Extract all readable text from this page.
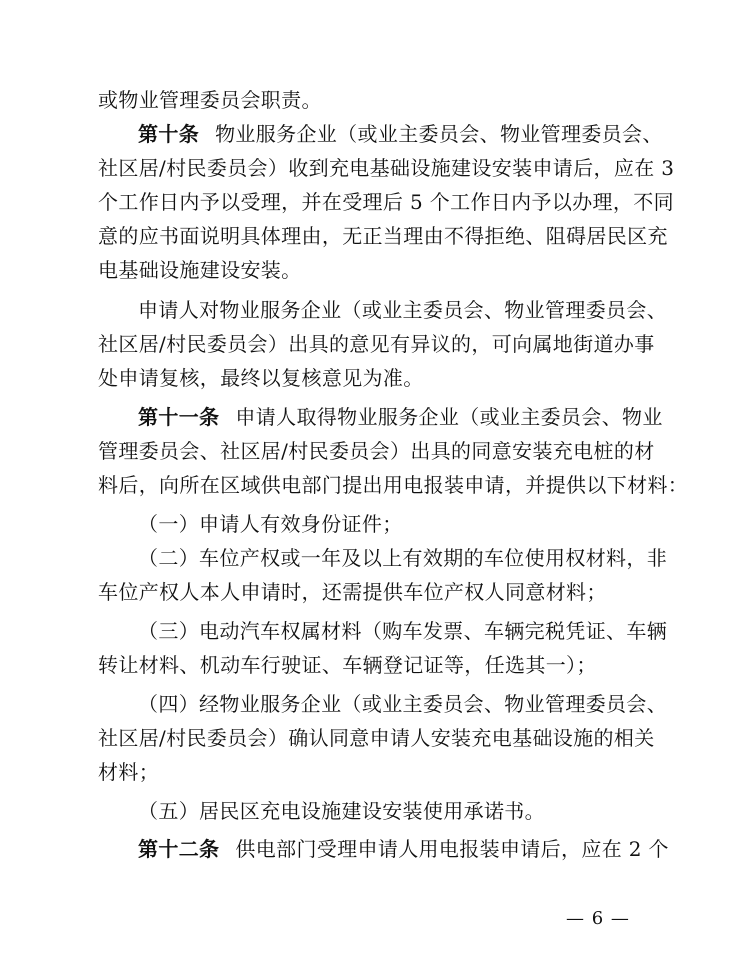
或物业管理委员会职责。
第十条 物业服务企业（或业主委员会、物业管理委员会、
社区居/村民委员会）收到充电基础设施建设安装申请后，应在 3
个工作日内予以受理，并在受理后 5 个工作日内予以办理，不同
意的应书面说明具体理由，无正当理由不得拒绝、阻碍居民区充
电基础设施建设安装。
申请人对物业服务企业（或业主委员会、物业管理委员会、
社区居/村民委员会）出具的意见有异议的，可向属地街道办事
处申请复核，最终以复核意见为准。
第十一条 申请人取得物业服务企业（或业主委员会、物业
管理委员会、社区居/村民委员会）出具的同意安装充电桩的材
料后，向所在区域供电部门提出用电报装申请，并提供以下材料：
（一）申请人有效身份证件；
（二）车位产权或一年及以上有效期的车位使用权材料，非
车位产权人本人申请时，还需提供车位产权人同意材料；
（三）电动汽车权属材料（购车发票、车辆完税凭证、车辆
转让材料、机动车行驶证、车辆登记证等，任选其一）；
（四）经物业服务企业（或业主委员会、物业管理委员会、
社区居/村民委员会）确认同意申请人安装充电基础设施的相关
材料；
（五）居民区充电设施建设安装使用承诺书。
第十二条 供电部门受理申请人用电报装申请后，应在 2 个
— 6 —
